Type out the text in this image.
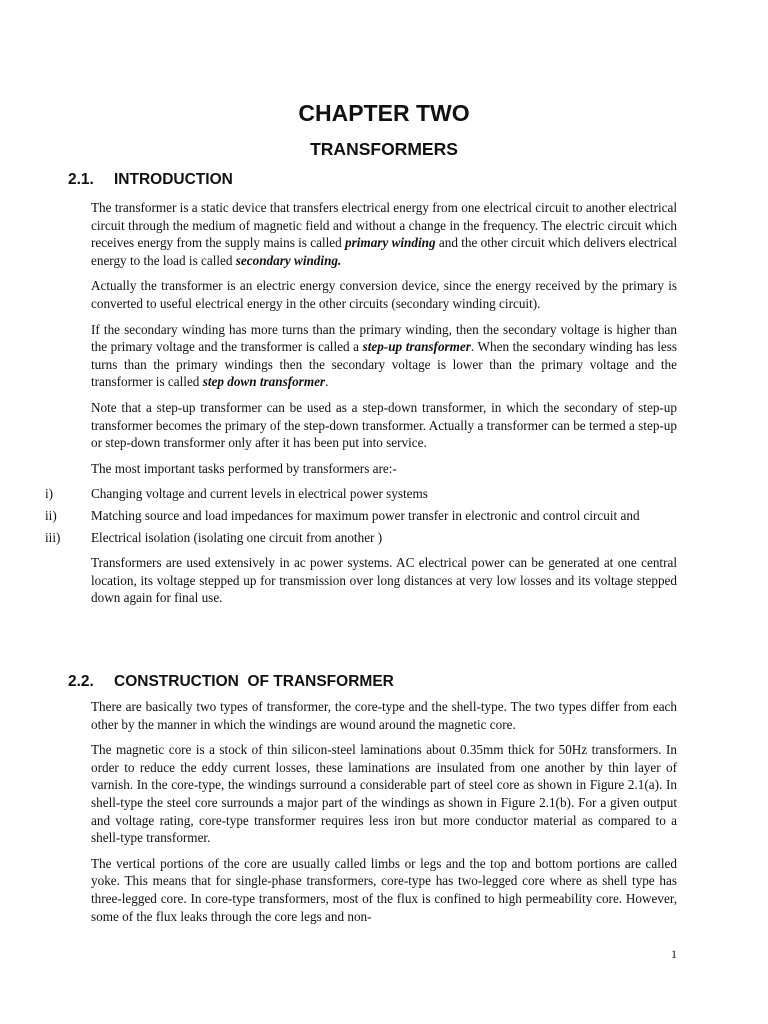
CHAPTER TWO
TRANSFORMERS
2.1. INTRODUCTION

The transformer is a static device that transfers electrical energy from one electrical circuit to another electrical circuit through the medium of magnetic field and without a change in the frequency. The electric circuit which receives energy from the supply mains is called primary winding and the other circuit which delivers electrical energy to the load is called secondary winding.

Actually the transformer is an electric energy conversion device, since the energy received by the primary is converted to useful electrical energy in the other circuits (secondary winding circuit).

If the secondary winding has more turns than the primary winding, then the secondary voltage is higher than the primary voltage and the transformer is called a step-up transformer. When the secondary winding has less turns than the primary windings then the secondary voltage is lower than the primary voltage and the transformer is called step down transformer.

Note that a step-up transformer can be used as a step-down transformer, in which the secondary of step-up transformer becomes the primary of the step-down transformer. Actually a transformer can be termed a step-up or step-down transformer only after it has been put into service.

The most important tasks performed by transformers are:-

i)	Changing voltage and current levels in electrical power systems
ii)	Matching source and load impedances for maximum power transfer in electronic and control circuit and
iii) Electrical isolation (isolating one circuit from another )

Transformers are used extensively in ac power systems. AC electrical power can be generated at one central location, its voltage stepped up for transmission over long distances at very low losses and its voltage stepped down again for final use.

2.2. CONSTRUCTION  OF TRANSFORMER

There are basically two types of transformer, the core-type and the shell-type. The two types differ from each other by the manner in which the windings are wound around the magnetic core.

The magnetic core is a stock of thin silicon-steel laminations about 0.35mm thick for 50Hz transformers. In order to reduce the eddy current losses, these laminations are insulated from one another by thin layer of varnish. In the core-type, the windings surround a considerable part of steel core as shown in Figure 2.1(a). In shell-type the steel core surrounds a major part of the windings as shown in Figure 2.1(b). For a given output and voltage rating, core-type transformer requires less iron but more conductor material as compared to a shell-type transformer.

The vertical portions of the core are usually called limbs or legs and the top and bottom portions are called yoke. This means that for single-phase transformers, core-type has two-legged core where as shell type has three-legged core. In core-type transformers, most of the flux is confined to high permeability core. However, some of the flux leaks through the core legs and non-

1
